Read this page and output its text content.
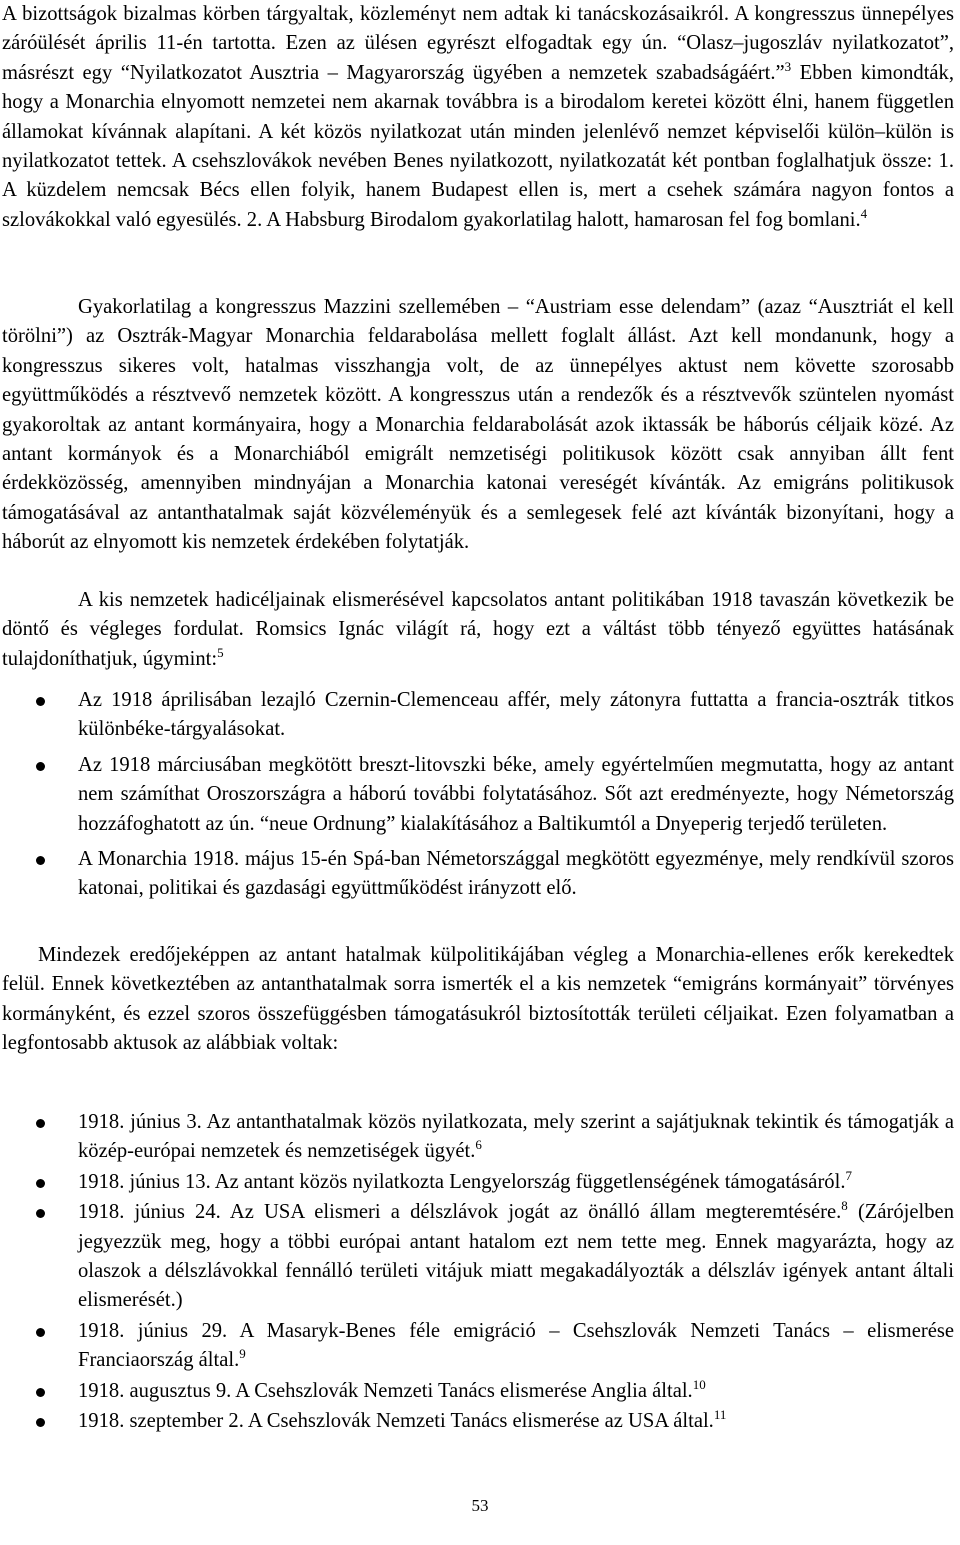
A bizottságok bizalmas körben tárgyaltak, közleményt nem adtak ki tanácskozásaikról. A kongresszus ünnepélyes záróülését április 11-én tartotta. Ezen az ülésen egyrészt elfogadtak egy ún. “Olasz–jugoszláv nyilatkozatot”, másrészt egy “Nyilatkozatot Ausztria – Magyarország ügyében a nemzetek szabadságáért.”$^3$ Ebben kimondták, hogy a Monarchia elnyomott nemzetei nem akarnak továbbra is a birodalom keretei között élni, hanem független államokat kívánnak alapítani. A két közös nyilatkozat után minden jelenlévő nemzet képviselői külön–külön is nyilatkozatot tettek. A csehszlovákok nevében Benes nyilatkozott, nyilatkozatát két pontban foglalhatjuk össze: 1. A küzdelem nemcsak Bécs ellen folyik, hanem Budapest ellen is, mert a csehek számára nagyon fontos a szlovákokkal való egyesülés. 2. A Habsburg Birodalom gyakorlatilag halott, hamarosan fel fog bomlani.$^4$

Gyakorlatilag a kongresszus Mazzini szellemében – “Austriam esse delendam” (azaz “Ausztriát el kell törölni”) az Osztrák-Magyar Monarchia feldarabolása mellett foglalt állást. Azt kell mondanunk, hogy a kongresszus sikeres volt, hatalmas visszhangja volt, de az ünnepélyes aktust nem követte szorosabb együttműködés a résztvevő nemzetek között. A kongresszus után a rendezők és a résztvevők szüntelen nyomást gyakoroltak az antant kormányaira, hogy a Monarchia feldarabolását azok iktassák be háborús céljaik közé. Az antant kormányok és a Monarchiából emigrált nemzetiségi politikusok között csak annyiban állt fent érdekközösség, amennyiben mindnyájan a Monarchia katonai vereségét kívánták. Az emigráns politikusok támogatásával az antanthatalmak saját közvéleményük és a semlegesek felé azt kívánták bizonyítani, hogy a háborút az elnyomott kis nemzetek érdekében folytatják.

A kis nemzetek hadicéljainak elismerésével kapcsolatos antant politikában 1918 tavaszán következik be döntő és végleges fordulat. Romsics Ignác világít rá, hogy ezt a váltást több tényező együttes hatásának tulajdoníthatjuk, úgymint:$^5$

Az 1918 áprilisában lezajló Czernin-Clemenceau affér, mely zátonyra futtatta a francia-osztrák titkos különbéke-tárgyalásokat.
Az 1918 márciusában megkötött breszt-litovszki béke, amely egyértelműen megmutatta, hogy az antant nem számíthat Oroszországra a háború további folytatásához. Sőt azt eredményezte, hogy Németország hozzáfoghatott az ún. “neue Ordnung” kialakításához a Baltikumtól a Dnyeperig terjedő területen.
A Monarchia 1918. május 15-én Spá-ban Németországgal megkötött egyezménye, mely rendkívül szoros katonai, politikai és gazdasági együttműködést irányzott elő.

Mindezek eredőjeképpen az antant hatalmak külpolitikájában végleg a Monarchia-ellenes erők kerekedtek felül. Ennek következtében az antanthatalmak sorra ismerték el a kis nemzetek “emigráns kormányait” törvényes kormányként, és ezzel szoros összefüggésben támogatásukról biztosították területi céljaikat. Ezen folyamatban a legfontosabb aktusok az alábbiak voltak:

1918. június 3. Az antanthatalmak közös nyilatkozata, mely szerint a sajátjuknak tekintik és támogatják a közép-európai nemzetek és nemzetiségek ügyét.$^6$
1918. június 13. Az antant közös nyilatkozta Lengyelország függetlenségének támogatásáról.$^7$
1918. június 24. Az USA elismeri a délszlávok jogát az önálló állam megteremtésére.$^8$ (Zárójelben jegyezzük meg, hogy a többi európai antant hatalom ezt nem tette meg. Ennek magyarázta, hogy az olaszok a délszlávokkal fennálló területi vitájuk miatt megakadályozták a délszláv igények antant általi elismerését.)
1918. június 29. A Masaryk-Benes féle emigráció – Csehszlovák Nemzeti Tanács – elismerése Franciaország által.$^9$
1918. augusztus 9. A Csehszlovák Nemzeti Tanács elismerése Anglia által.$^{10}$
1918. szeptember 2. A Csehszlovák Nemzeti Tanács elismerése az USA által.$^{11}$
53
